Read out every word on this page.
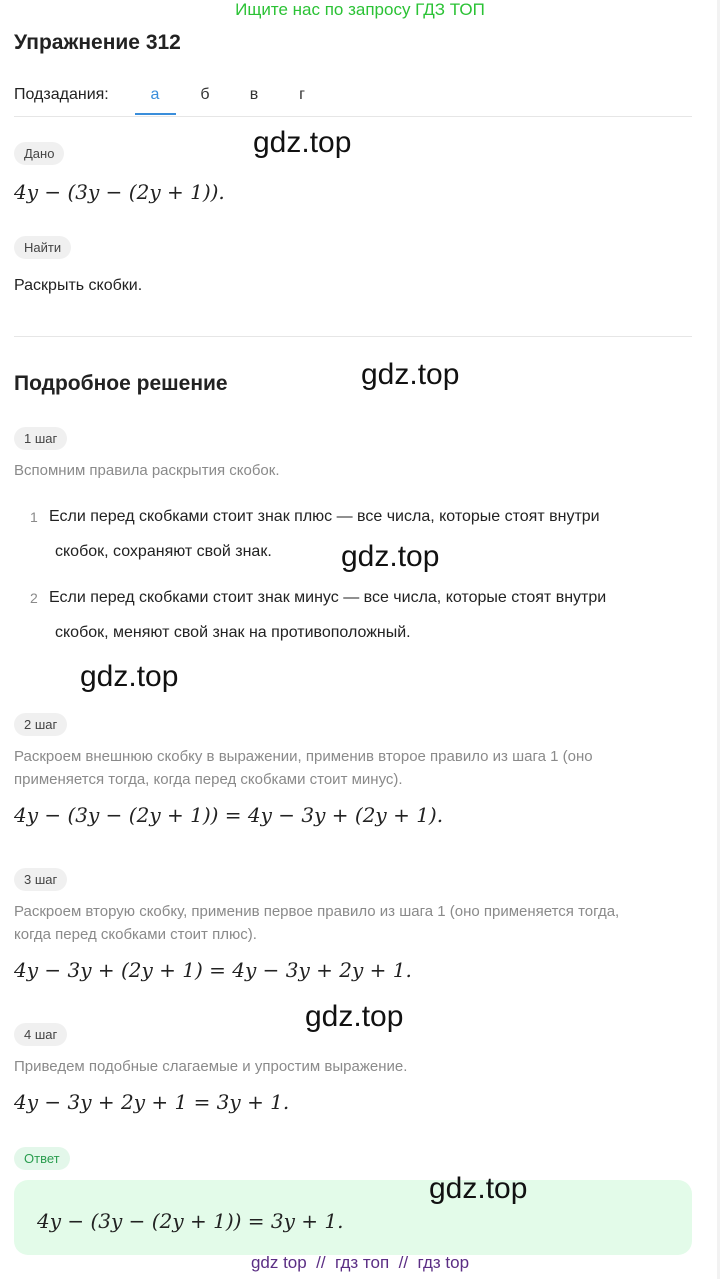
Ищите нас по запросу ГДЗ ТОП
Упражнение 312
Подзадания:	а	б	в	г
Дано	gdz.top
4y − (3y − (2y + 1)).
Найти
Раскрыть скобки.
Подробное решение	gdz.top
1 шаг
Вспомним правила раскрытия скобок.
1 Если перед скобками стоит знак плюс — все числа, которые стоят внутри
скобок, сохраняют свой знак. gdz.top
2 Если перед скобками стоит знак минус — все числа, которые стоят внутри
скобок, меняют свой знак на противоположный.
gdz.top
2 шаг
Раскроем внешнюю скобку в выражении, применив второе правило из шага 1 (оно
применяется тогда, когда перед скобками стоит минус).
4y − (3y − (2y + 1)) = 4y − 3y + (2y + 1).
3 шаг
Раскроем вторую скобку, применив первое правило из шага 1 (оно применяется тогда,
когда перед скобками стоит плюс).
4y − 3y + (2y + 1) = 4y − 3y + 2y + 1.
4 шаг
gdz.top
Приведем подобные слагаемые и упростим выражение.
4y − 3y + 2y + 1 = 3y + 1.
Ответ
4y − (3y − (2y + 1)) = 3y + 1.
gdz.top
gdz top  //  гдз топ  //  гдз top
